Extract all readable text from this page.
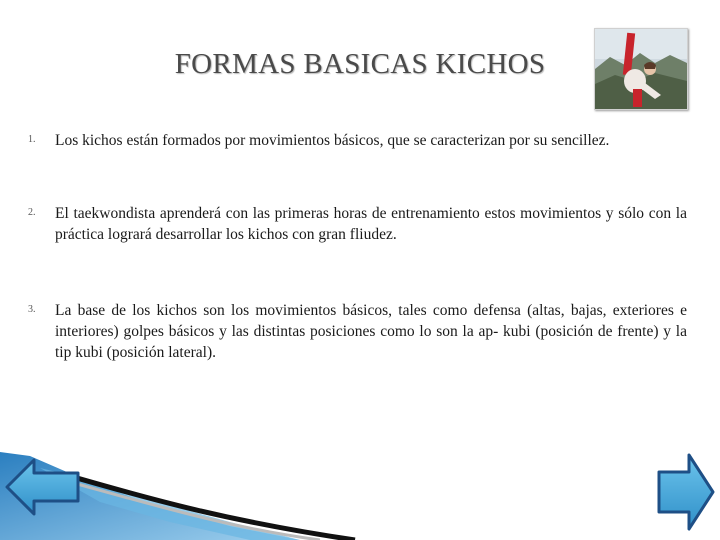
FORMAS BASICAS KICHOS
1. Los kichos están formados por movimientos básicos, que se caracterizan por su sencillez.
2. El taekwondista aprenderá con las primeras horas de entrenamiento estos movimientos y sólo con la práctica logrará desarrollar los kichos con gran fliudez.
3. La base de los kichos son los movimientos básicos, tales como defensa (altas, bajas, exteriores e interiores) golpes básicos y las distintas posiciones como lo son la ap- kubi (posición de frente) y la tip kubi (posición lateral).
